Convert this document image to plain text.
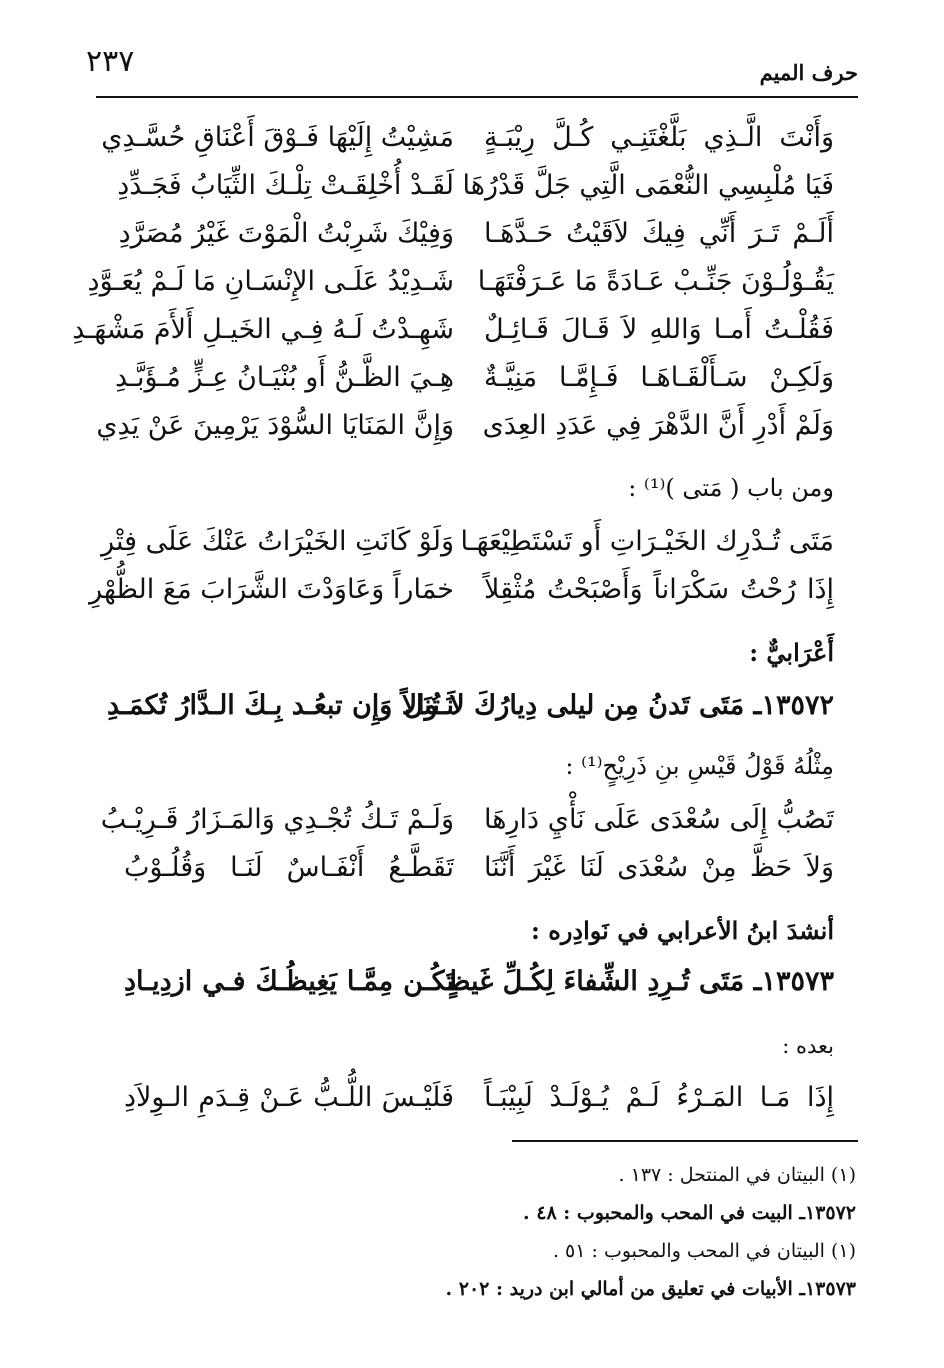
٢٣٧	حرف الميم
وَأَنْتَ الَّـذِي بَلَّغْتَنِـي كُـلَّ رِيْبَـةٍ
مَشِيْتُ إِلَيْهَا فَـوْقَ أَعْنَاقِ حُسَّـدِي
فَيَا مُلْبِسِي النُّعْمَى الَّتِي جَلَّ قَدْرُهَا
لَقَـدْ أُخْلِقَـتْ تِلْـكَ الثِّيَابُ فَجَـدِّدِ
أَلَـمْ تَـرَ أَنِّي فِيكَ لاَقَيْتُ حَـدَّهَـا
وَفِيْكَ شَرِبْتُ الْمَوْتَ غَيْرُ مُصَرَّدِ
يَقُـوْلُـوْنَ جَنِّـبْ عَـادَةً مَا عَـرَفْتَهَـا
شَـدِيْدُ عَلَـى الإِنْسَـانِ مَا لَـمْ يُعَـوَّدِ
فَقُلْـتُ أَمـا وَاللهِ لاَ قَـالَ قَـائِـلٌ
شَهِـدْتُ لَـهُ فِـي الخَيـلِ أَلأَمَ مَشْهَـدِ
وَلَكِـنْ سَـأَلْقَـاهَـا فَـإِمَّـا مَنِيَّـةٌ
هِـيَ الظَّـنُّ أَو بُنْيَـانُ عِـزٍّ مُـؤَبَّـدِ
وَلَمْ أَدْرِ أَنَّ الدَّهْرَ فِي عَدَدِ العِدَى
وَإِنَّ المَنَايَا السُّوْدَ يَرْمِينَ عَنْ يَدِي
ومن باب ( مَتى )⁽¹⁾ :
مَتَى تُـدْرِك الخَيْـرَاتِ أَو تَسْتَطِيْعَهَـا
وَلَوْ كَانَتِ الخَيْرَاتُ عَنْكَ عَلَى فِتْرِ
إِذَا رُحْتُ سَكْرَاناً وَأَصْبَحْتُ مُثْقِلاً
خمَاراً وَعَاوَدْتَ الشَّرَابَ مَعَ الظُّهْرِ
أَعْرَابيٌّ :
١٣٥٧٢ـ مَتَى تَدنُ مِن ليلى دِيارُكَ لاَ تُنَل
نَـوالاً وَإِن تبعُـد بِـكَ الـدَّارُ تُكمَـدِ
مِثْلُهُ قَوْلُ قَيْسِ بنِ ذَرِيْحٍ⁽¹⁾ :
تَصُبُّ إِلَى سُعْدَى عَلَى نَأْيِ دَارِهَا
وَلَـمْ تَـكُ تُجْـدِي وَالمَـزَارُ قَـرِيْـبُ
وَلاَ حَظَّ مِنْ سُعْدَى لَنَا غَيْرَ أَنَّنَا
تَقَطَّـعُ أَنْفَـاسٌ لَنَـا وَقُلُـوْبُ
أنشدَ ابنُ الأعرابي في نَوادِره :
١٣٥٧٣ـ مَتَى تُـرِدِ الشِّفاءَ لِكُـلِّ غَيظٍ
تَكُـن مِمَّـا يَغِيظُـكَ فـي ازدِيـادِ
بعده :
إِذَا مَـا المَـرْءُ لَـمْ يُـوْلَـدْ لَبِيْبَـاً
فَلَيْـسَ اللُّـبُّ عَـنْ قِـدَمِ الـوِلاَدِ
(١) البيتان في المنتحل : ١٣٧ .
١٣٥٧٢ـ البيت في المحب والمحبوب : ٤٨ .
(١) البيتان في المحب والمحبوب : ٥١ .
١٣٥٧٣ـ الأبيات في تعليق من أمالي ابن دريد : ٢٠٢ .
